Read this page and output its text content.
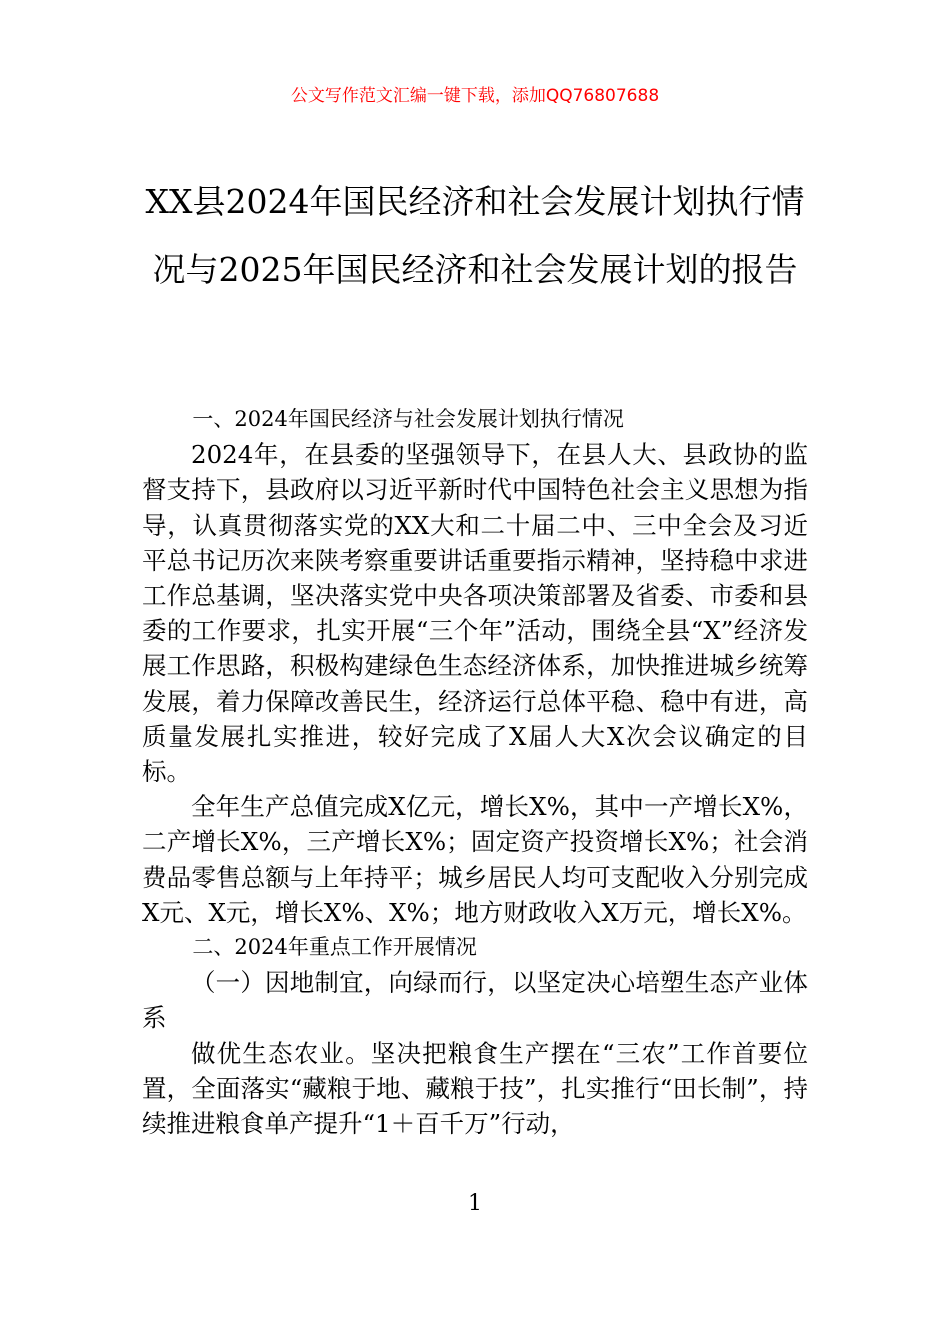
公文写作范文汇编一键下载，添加QQ76807688
XX县2024年国民经济和社会发展计划执行情况与2025年国民经济和社会发展计划的报告

一、2024年国民经济与社会发展计划执行情况

2024年，在县委的坚强领导下，在县人大、县政协的监督支持下，县政府以习近平新时代中国特色社会主义思想为指导，认真贯彻落实党的XX大和二十届二中、三中全会及习近平总书记历次来陕考察重要讲话重要指示精神，坚持稳中求进工作总基调，坚决落实党中央各项决策部署及省委、市委和县委的工作要求，扎实开展“三个年”活动，围绕全县“X”经济发展工作思路，积极构建绿色生态经济体系，加快推进城乡统筹发展，着力保障改善民生，经济运行总体平稳、稳中有进，高质量发展扎实推进，较好完成了X届人大X次会议确定的目标。

全年生产总值完成X亿元，增长X%，其中一产增长X%，二产增长X%，三产增长X%；固定资产投资增长X%；社会消费品零售总额与上年持平；城乡居民人均可支配收入分别完成X元、X元，增长X%、X%；地方财政收入X万元，增长X%。

二、2024年重点工作开展情况

（一）因地制宜，向绿而行，以坚定决心培塑生态产业体系

做优生态农业。坚决把粮食生产摆在“三农”工作首要位置，全面落实“藏粮于地、藏粮于技”，扎实推行“田长制”，持续推进粮食单产提升“1＋百千万”行动，

1
